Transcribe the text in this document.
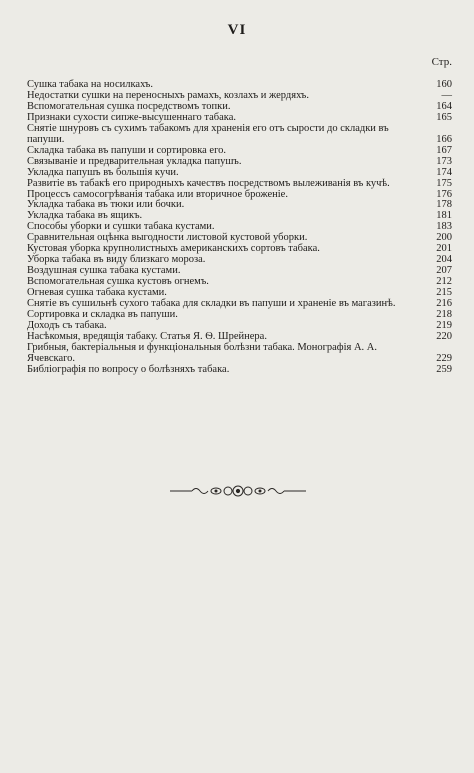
VI
Стр.
Сушка табака на носилкахъ.	160
Недостатки сушки на переносныхъ рамахъ, козлахъ и жердяхъ.	—
Вспомогательная сушка посредствомъ топки.	164
Признаки сухости сипже-высушеннаго табака.	165
Снятіе шнуровъ съ сухимъ табакомъ для храненія его отъ сырости до складки въ папуши.	166
Складка табака въ папуши и сортировка его.	167
Связываніе и предварительная укладка папушъ.	173
Укладка папушъ въ большія кучи.	174
Развитіе въ табакѣ его природныхъ качествъ посредствомъ вылеживанія въ кучѣ.	175
Процессъ самосогрѣванія табака или вторичное броженіе.	176
Укладка табака въ тюки или бочки.	178
Укладка табака въ ящикъ.	181
Способы уборки и сушки табака кустами.	183
Сравнительная оцѣнка выгодности листовой кустовой уборки.	200
Кустовая уборка крупнолистныхъ американскихъ сортовъ табака.	201
Уборка табака въ виду близкаго мороза.	204
Воздушная сушка табака кустами.	207
Вспомогательная сушка кустовъ огнемъ.	212
Огневая сушка табака кустами.	215
Снятіе въ сушильнѣ сухого табака для складки въ папуши и храненіе въ магазинѣ.	216
Сортировка и складка въ папуши.	218
Доходъ съ табака.	219
Насѣкомыя, вредящія табаку. Статья Я. Ѳ. Шрейнера.	220
Грибныя, бактеріальныя и функціональныя болѣзни табака. Монографія А. А. Ячевскаго.	229
Библіографія по вопросу о болѣзняхъ табака.	259
